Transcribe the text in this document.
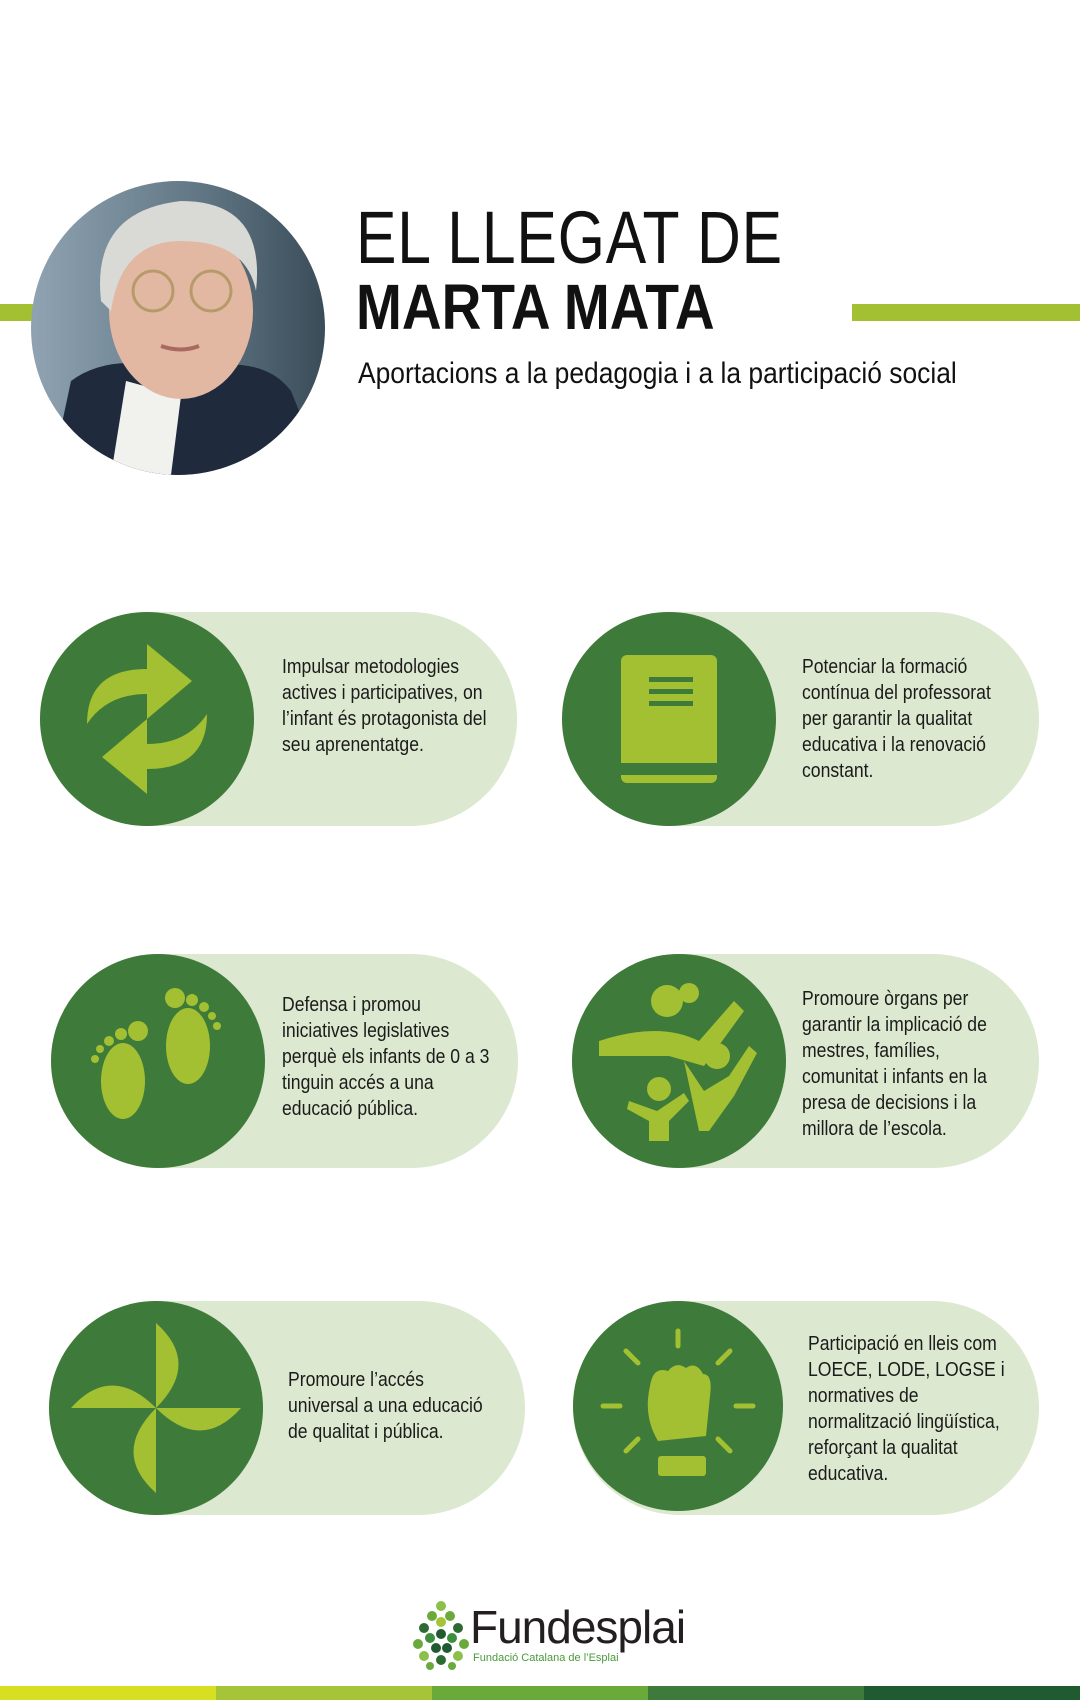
EL LLEGAT DE
MARTA MATA
Aportacions a la pedagogia i a la participació social
Impulsar metodologies actives i participatives, on l’infant és protagonista del seu aprenentatge.
Potenciar la formació contínua del professorat per garantir la qualitat educativa i la renovació constant.
Defensa i promou iniciatives legislatives perquè els infants de 0 a 3 tinguin accés a una educació pública.
Promoure òrgans per garantir la implicació de mestres, famílies, comunitat i infants en la presa de decisions i la millora de l’escola.
Promoure l’accés universal a una educació de qualitat i pública.
Participació en lleis com LOECE, LODE, LOGSE i normatives de normalització lingüística, reforçant la qualitat educativa.
Fundesplai
Fundació Catalana de l’Esplai
